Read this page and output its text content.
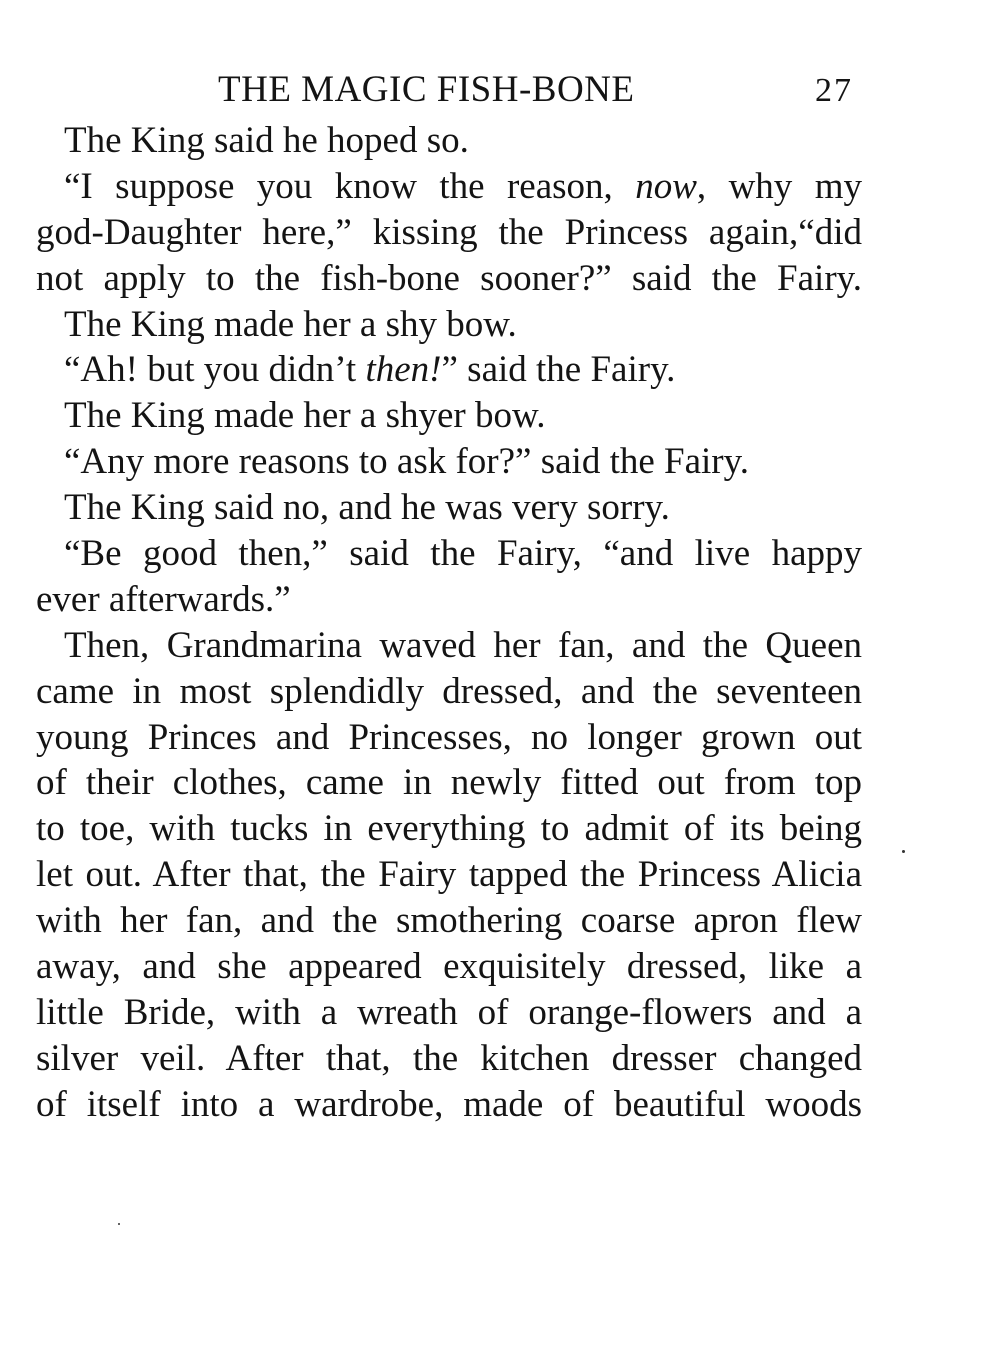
THE MAGIC FISH-BONE	27
The King said he hoped so.
“I suppose you know the reason, now, why my
god-Daughter here,” kissing the Princess again,“did
not apply to the fish-bone sooner?” said the Fairy.
The King made her a shy bow.
“Ah! but you didn’t then!” said the Fairy.
The King made her a shyer bow.
“Any more reasons to ask for?” said the Fairy.
The King said no, and he was very sorry.
“Be good then,” said the Fairy, “and live happy
ever afterwards.”
Then, Grandmarina waved her fan, and the Queen
came in most splendidly dressed, and the seventeen
young Princes and Princesses, no longer grown out
of their clothes, came in newly fitted out from top
to toe, with tucks in everything to admit of its being
let out. After that, the Fairy tapped the Princess Alicia
with her fan, and the smothering coarse apron flew
away, and she appeared exquisitely dressed, like a
little Bride, with a wreath of orange-flowers and a
silver veil. After that, the kitchen dresser changed
of itself into a wardrobe, made of beautiful woods
